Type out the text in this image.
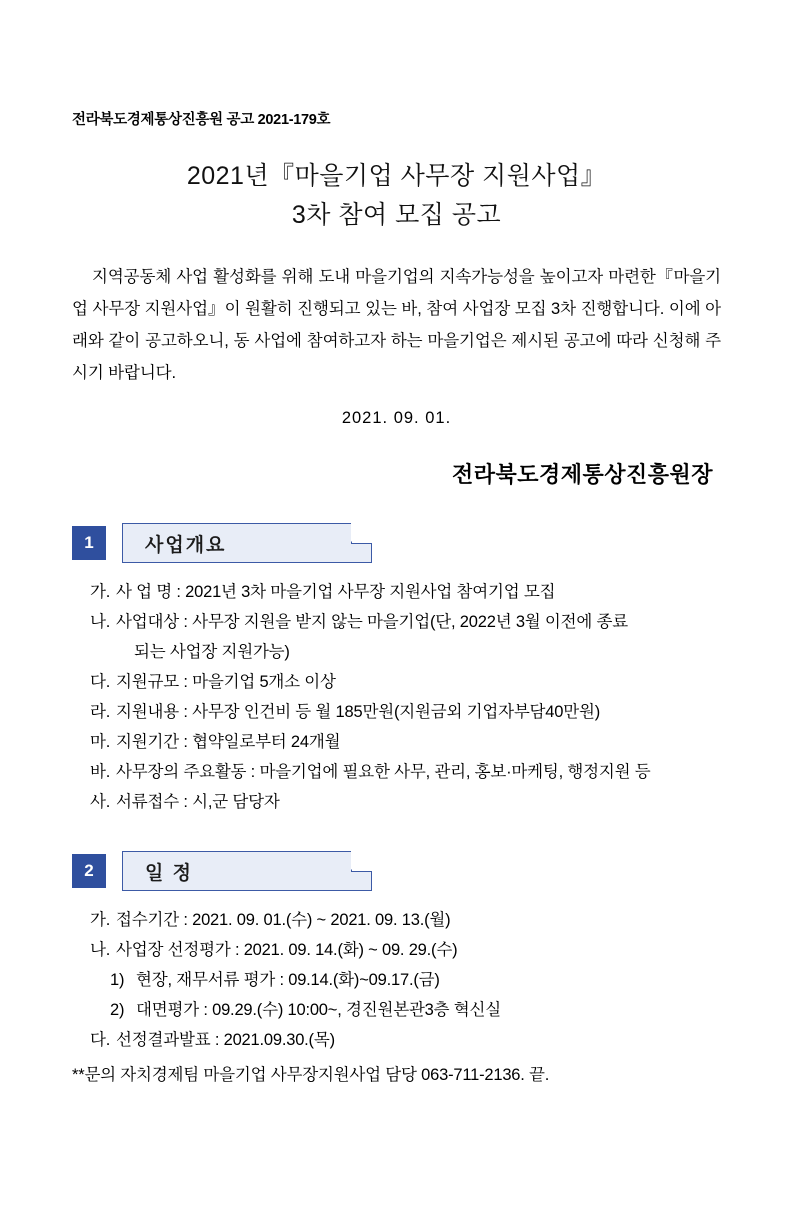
전라북도경제통상진흥원 공고 2021-179호
2021년『마을기업 사무장 지원사업』
3차 참여 모집 공고
지역공동체 사업 활성화를 위해 도내 마을기업의 지속가능성을 높이고자 마련한『마을기업 사무장 지원사업』이 원활히 진행되고 있는 바, 참여 사업장 모집 3차 진행합니다. 이에 아래와 같이 공고하오니, 동 사업에 참여하고자 하는 마을기업은 제시된 공고에 따라 신청해 주시기 바랍니다.
2021. 09. 01.
전라북도경제통상진흥원장
1	사업개요
가. 사 업 명 : 2021년 3차 마을기업 사무장 지원사업 참여기업 모집
나. 사업대상 : 사무장 지원을 받지 않는 마을기업(단, 2022년 3월 이전에 종료
되는 사업장 지원가능)
다. 지원규모 : 마을기업 5개소 이상
라. 지원내용 : 사무장 인건비 등 월 185만원(지원금외 기업자부담40만원)
마. 지원기간 : 협약일로부터 24개월
바. 사무장의 주요활동 : 마을기업에 필요한 사무, 관리, 홍보·마케팅, 행정지원 등
사. 서류접수 : 시,군 담당자
2	일 정
가. 접수기간 : 2021. 09. 01.(수) ~ 2021. 09. 13.(월)
나. 사업장 선정평가 : 2021. 09. 14.(화) ~ 09. 29.(수)
1) 현장, 재무서류 평가 : 09.14.(화)~09.17.(금)
2) 대면평가 : 09.29.(수) 10:00~, 경진원본관3층 혁신실
다. 선정결과발표 : 2021.09.30.(목)
**문의 자치경제팀 마을기업 사무장지원사업 담당 063-711-2136. 끝.
